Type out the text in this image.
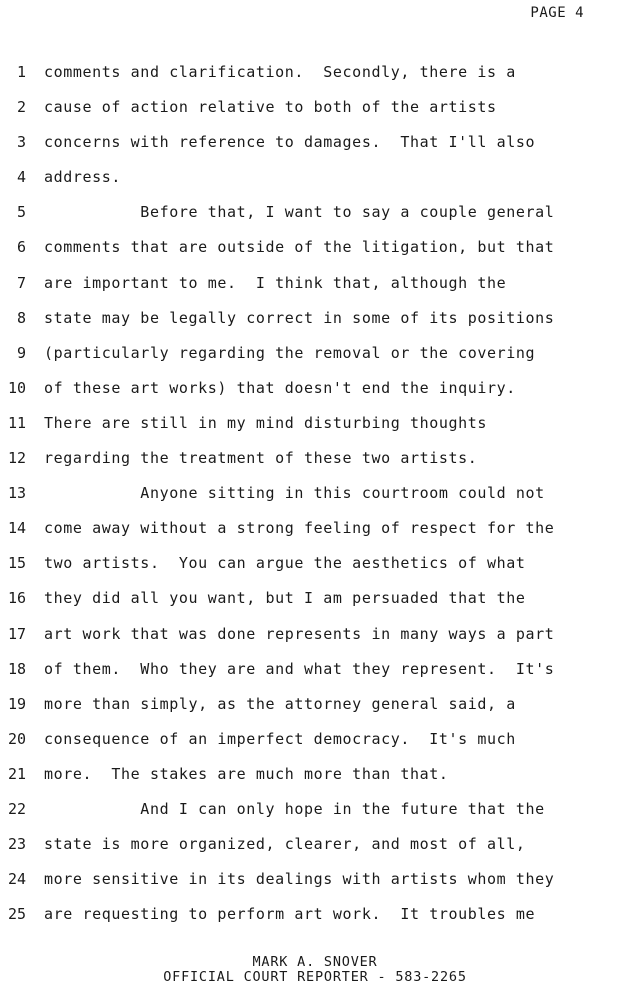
PAGE 4
1 comments and clarification.  Secondly, there is a
2 cause of action relative to both of the artists
3 concerns with reference to damages.  That I'll also
4 address.
5 Before that, I want to say a couple general
6 comments that are outside of the litigation, but that
7 are important to me.  I think that, although the
8 state may be legally correct in some of its positions
9 (particularly regarding the removal or the covering
10 of these art works) that doesn't end the inquiry.
11 There are still in my mind disturbing thoughts
12 regarding the treatment of these two artists.
13 Anyone sitting in this courtroom could not
14 come away without a strong feeling of respect for the
15 two artists.  You can argue the aesthetics of what
16 they did all you want, but I am persuaded that the
17 art work that was done represents in many ways a part
18 of them.  Who they are and what they represent.  It's
19 more than simply, as the attorney general said, a
20 consequence of an imperfect democracy.  It's much
21 more.  The stakes are much more than that.
22 And I can only hope in the future that the
23 state is more organized, clearer, and most of all,
24 more sensitive in its dealings with artists whom they
25 are requesting to perform art work.  It troubles me
MARK A. SNOVER
OFFICIAL COURT REPORTER - 583-2265
